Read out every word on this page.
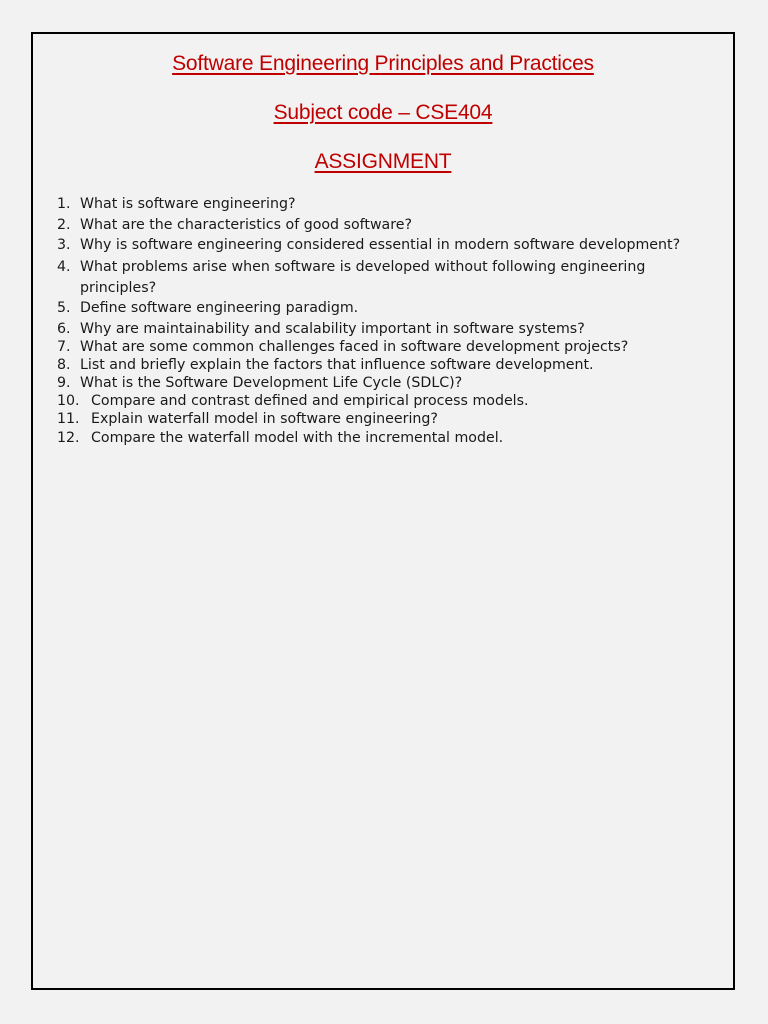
Software Engineering Principles and Practices
Subject code – CSE404
ASSIGNMENT
1. What is software engineering?
2. What are the characteristics of good software?
3. Why is software engineering considered essential in modern software development?
4. What problems arise when software is developed without following engineering principles?
5. Define software engineering paradigm.
6. Why are maintainability and scalability important in software systems?
7. What are some common challenges faced in software development projects?
8. List and briefly explain the factors that influence software development.
9. What is the Software Development Life Cycle (SDLC)?
10. Compare and contrast defined and empirical process models.
11. Explain waterfall model in software engineering?
12. Compare the waterfall model with the incremental model.
